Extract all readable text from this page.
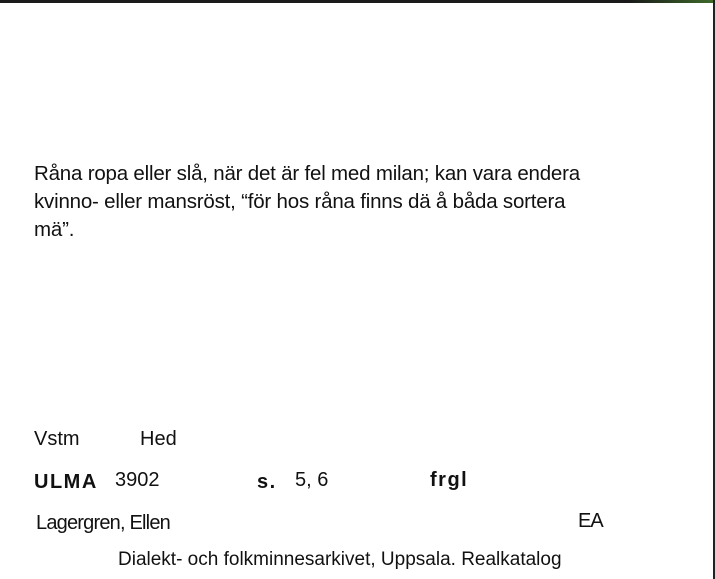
Råna ropa eller slå, när det är fel med milan; kan vara endera
kvinno- eller mansröst, “för hos råna finns dä å båda sortera
mä”.
Vstm	Hed
ULMA 3902	s. 5, 6	frgl
Lagergren, Ellen	EA
Dialekt- och folkminnesarkivet, Uppsala. Realkatalog
